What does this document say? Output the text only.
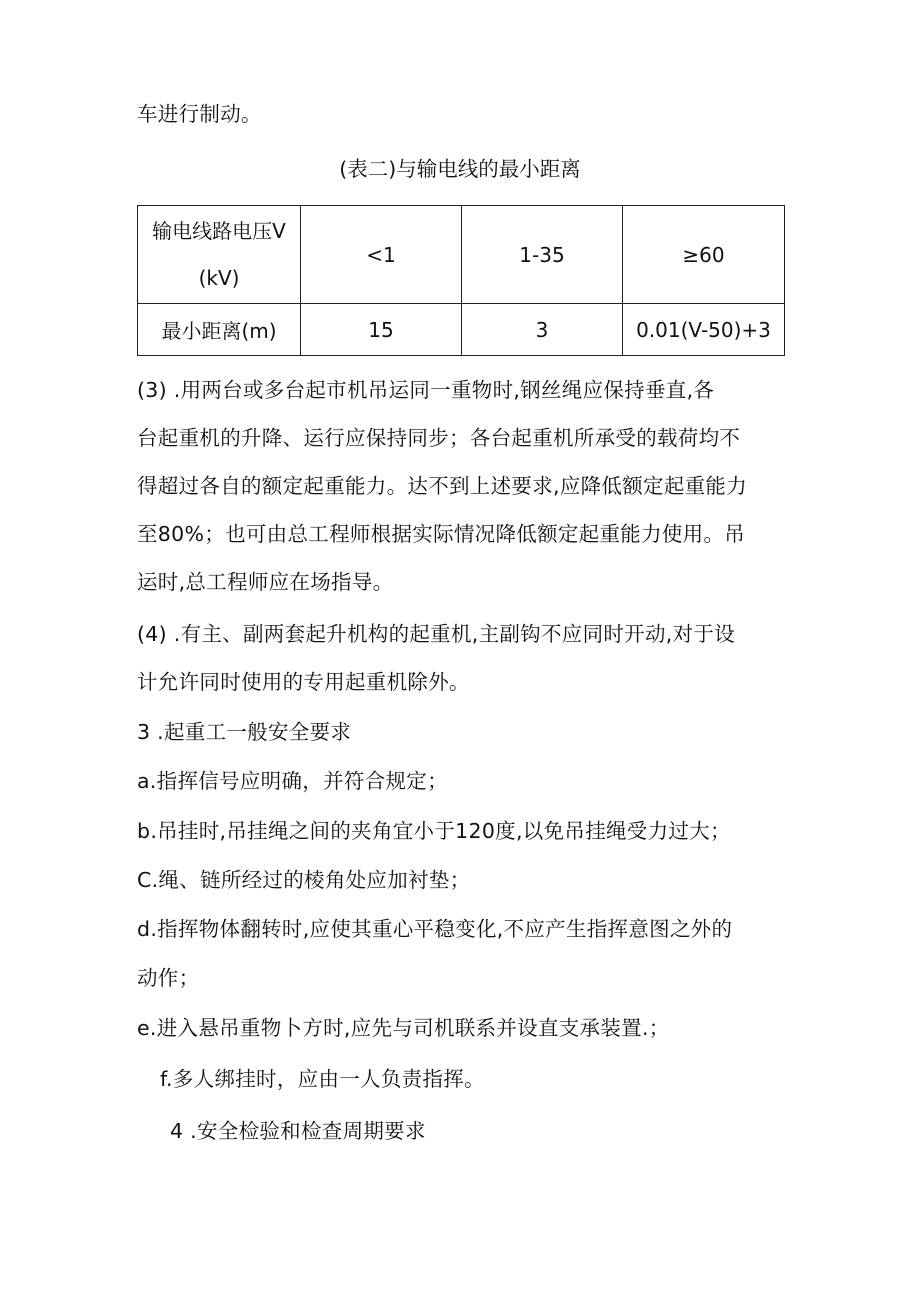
车进行制动。
(表二)与输电线的最小距离
输电线路电压V
(kV)	<1	1-35	≥60
最小距离(m)	15	3	0.01(V-50)+3
(3) .用两台或多台起市机吊运同一重物时,钢丝绳应保持垂直,各
台起重机的升降、运行应保持同步；各台起重机所承受的载荷均不
得超过各自的额定起重能力。达不到上述要求,应降低额定起重能力
至80%；也可由总工程师根据实际情况降低额定起重能力使用。吊
运时,总工程师应在场指导。
(4) .有主、副两套起升机构的起重机,主副钩不应同时开动,对于设
计允许同时使用的专用起重机除外。
3 .起重工一般安全要求
a.指挥信号应明确，并符合规定；
b.吊挂时,吊挂绳之间的夹角宜小于120度,以免吊挂绳受力过大；
C.绳、链所经过的棱角处应加衬垫；
d.指挥物体翻转时,应使其重心平稳变化,不应产生指挥意图之外的
动作；
e.进入悬吊重物卜方时,应先与司机联系并设直支承装置.；
f.多人绑挂时，应由一人负责指挥。
4 .安全检验和检查周期要求
